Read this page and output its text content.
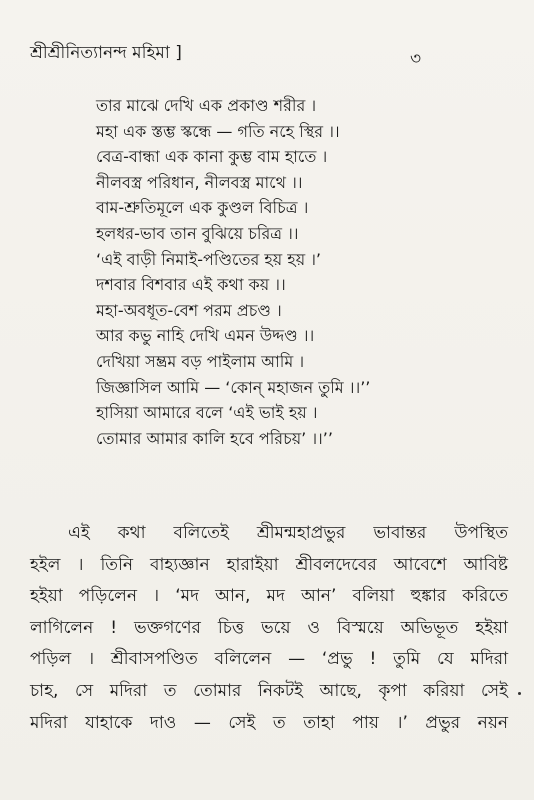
শ্রীশ্রীনিত্যানন্দ মহিমা ]	৩
তার মাঝে দেখি এক প্রকাণ্ড শরীর ।
মহা এক স্তম্ভ স্কন্ধে — গতি নহে স্থির ।।
বেত্র-বান্ধা এক কানা কুম্ভ বাম হাতে ।
নীলবস্ত্র পরিধান, নীলবস্ত্র মাথে ।।
বাম-শ্রুতিমূলে এক কুণ্ডল বিচিত্র ।
হলধর-ভাব তান বুঝিয়ে চরিত্র ।।
‘এই বাড়ী নিমাই-পণ্ডিতের হয় হয় ।’
দশবার বিশবার এই কথা কয় ।।
মহা-অবধূত-বেশ পরম প্রচণ্ড ।
আর কভু নাহি দেখি এমন উদ্দণ্ড ।।
দেখিয়া সম্ভ্রম বড় পাইলাম আমি ।
জিজ্ঞাসিল আমি — ‘কোন্ মহাজন তুমি ।।’’
হাসিয়া আমারে বলে ‘এই ভাই হয় ।
তোমার আমার কালি হবে পরিচয়’ ।।’’
এই কথা বলিতেই শ্রীমন্মহাপ্রভুর ভাবান্তর উপস্থিত
হইল । তিনি বাহ্যজ্ঞান হারাইয়া শ্রীবলদেবের আবেশে আবিষ্ট
হইয়া পড়িলেন । ‘মদ আন, মদ আন’ বলিয়া হুঙ্কার করিতে
লাগিলেন ! ভক্তগণের চিত্ত ভয়ে ও বিস্ময়ে অভিভূত হইয়া
পড়িল । শ্রীবাসপণ্ডিত বলিলেন — ‘প্রভু ! তুমি যে মদিরা
চাহ, সে মদিরা ত তোমার নিকটই আছে, কৃপা করিয়া সেই
মদিরা যাহাকে দাও — সেই ত তাহা পায় ।’ প্রভুর নয়ন
